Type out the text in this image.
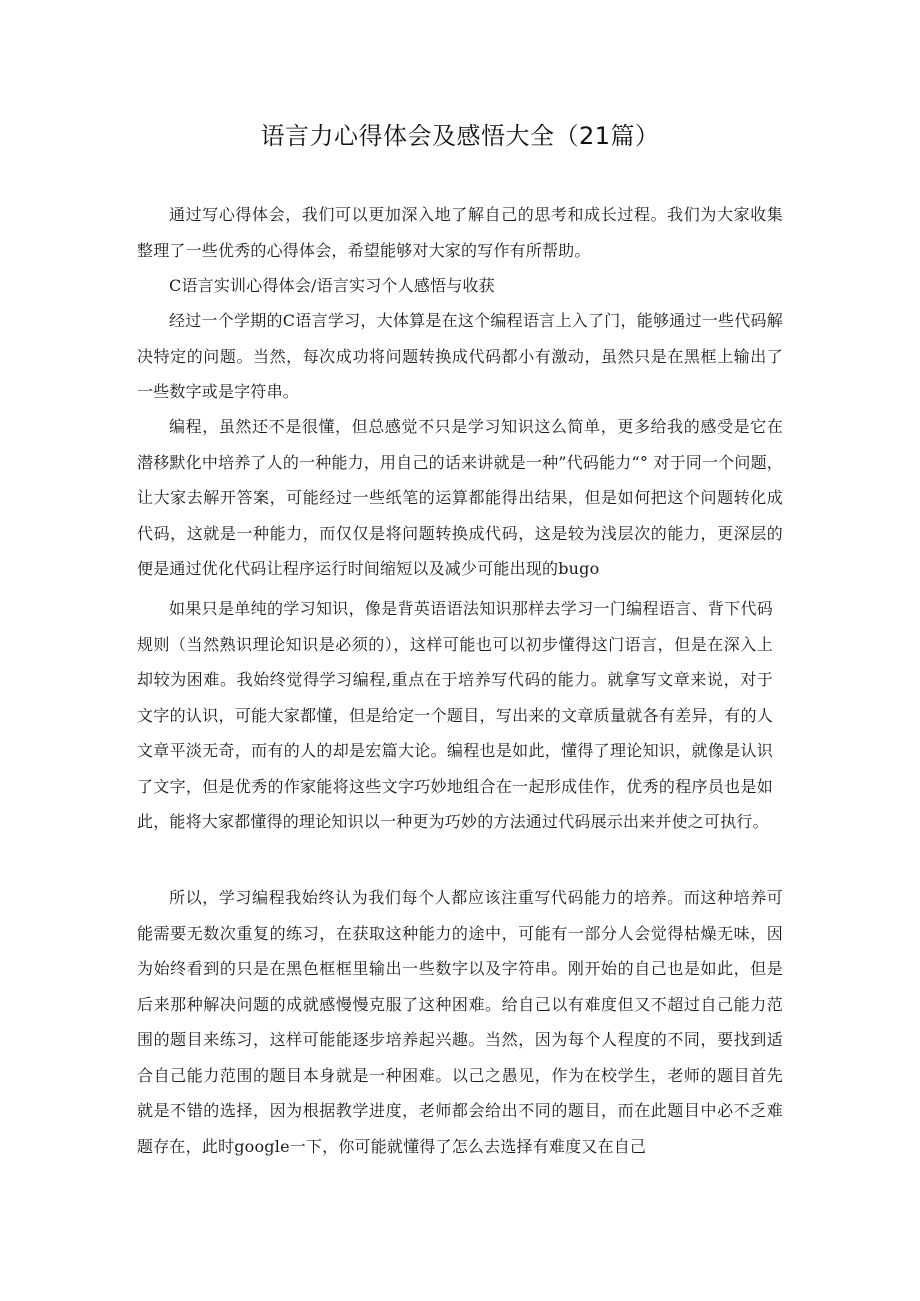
语言力心得体会及感悟大全（21篇）

通过写心得体会，我们可以更加深入地了解自己的思考和成长过程。我们为大家收集整理了一些优秀的心得体会，希望能够对大家的写作有所帮助。

C语言实训心得体会/语言实习个人感悟与收获

经过一个学期的C语言学习，大体算是在这个编程语言上入了门，能够通过一些代码解决特定的问题。当然，每次成功将问题转换成代码都小有激动，虽然只是在黑框上输出了一些数字或是字符串。

编程，虽然还不是很懂，但总感觉不只是学习知识这么简单，更多给我的感受是它在潜移默化中培养了人的一种能力，用自己的话来讲就是一种”代码能力“° 对于同一个问题，让大家去解开答案，可能经过一些纸笔的运算都能得出结果，但是如何把这个问题转化成代码，这就是一种能力，而仅仅是将问题转换成代码，这是较为浅层次的能力，更深层的便是通过优化代码让程序运行时间缩短以及减少可能出现的bugo

如果只是单纯的学习知识，像是背英语语法知识那样去学习一门编程语言、背下代码规则（当然熟识理论知识是必须的），这样可能也可以初步懂得这门语言，但是在深入上却较为困难。我始终觉得学习编程,重点在于培养写代码的能力。就拿写文章来说，对于文字的认识，可能大家都懂，但是给定一个题目，写出来的文章质量就各有差异，有的人文章平淡无奇，而有的人的却是宏篇大论。编程也是如此，懂得了理论知识，就像是认识了文字，但是优秀的作家能将这些文字巧妙地组合在一起形成佳作，优秀的程序员也是如此，能将大家都懂得的理论知识以一种更为巧妙的方法通过代码展示出来并使之可执行。

所以，学习编程我始终认为我们每个人都应该注重写代码能力的培养。而这种培养可能需要无数次重复的练习，在获取这种能力的途中，可能有一部分人会觉得枯燥无味，因为始终看到的只是在黑色框框里输出一些数字以及字符串。刚开始的自己也是如此，但是后来那种解决问题的成就感慢慢克服了这种困难。给自己以有难度但又不超过自己能力范围的题目来练习，这样可能能逐步培养起兴趣。当然，因为每个人程度的不同，要找到适合自己能力范围的题目本身就是一种困难。以己之愚见，作为在校学生，老师的题目首先就是不错的选择，因为根据教学进度，老师都会给出不同的题目，而在此题目中必不乏难题存在，此时google一下，你可能就懂得了怎么去选择有难度又在自己
